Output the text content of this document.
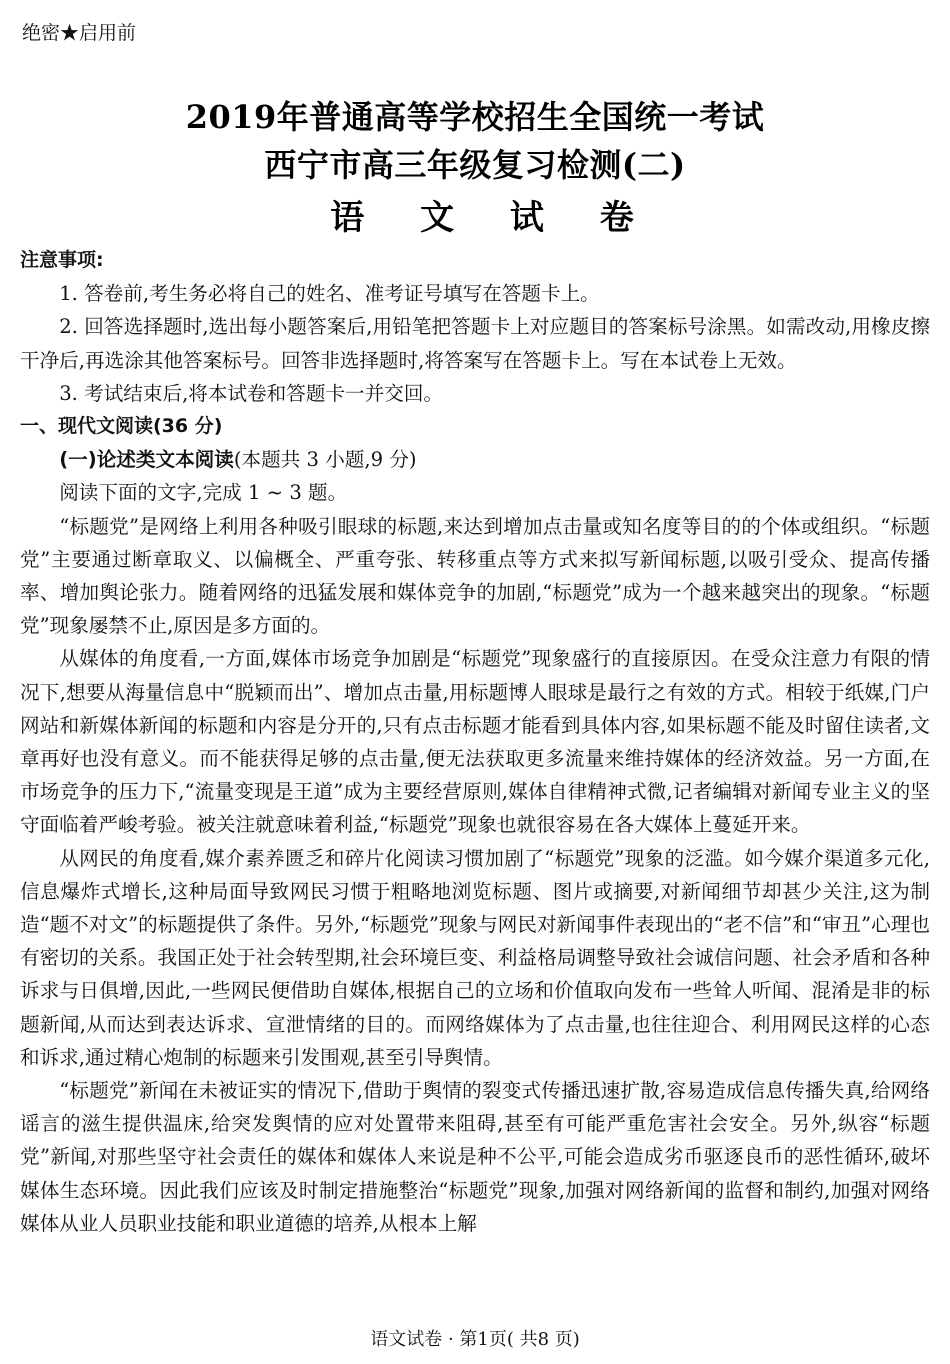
绝密★启用前
2019年普通高等学校招生全国统一考试
西宁市高三年级复习检测(二)
语 文 试 卷

注意事项:

1. 答卷前,考生务必将自己的姓名、准考证号填写在答题卡上。

2. 回答选择题时,选出每小题答案后,用铅笔把答题卡上对应题目的答案标号涂黑。如需改动,用橡皮擦干净后,再选涂其他答案标号。回答非选择题时,将答案写在答题卡上。写在本试卷上无效。

3. 考试结束后,将本试卷和答题卡一并交回。

一、现代文阅读(36 分)

(一)论述类文本阅读(本题共 3 小题,9 分)

阅读下面的文字,完成 1 ~ 3 题。

“标题党”是网络上利用各种吸引眼球的标题,来达到增加点击量或知名度等目的的个体或组织。“标题党”主要通过断章取义、以偏概全、严重夸张、转移重点等方式来拟写新闻标题,以吸引受众、提高传播率、增加舆论张力。随着网络的迅猛发展和媒体竞争的加剧,“标题党”成为一个越来越突出的现象。“标题党”现象屡禁不止,原因是多方面的。

从媒体的角度看,一方面,媒体市场竞争加剧是“标题党”现象盛行的直接原因。在受众注意力有限的情况下,想要从海量信息中“脱颖而出”、增加点击量,用标题博人眼球是最行之有效的方式。相较于纸媒,门户网站和新媒体新闻的标题和内容是分开的,只有点击标题才能看到具体内容,如果标题不能及时留住读者,文章再好也没有意义。而不能获得足够的点击量,便无法获取更多流量来维持媒体的经济效益。另一方面,在市场竞争的压力下,“流量变现是王道”成为主要经营原则,媒体自律精神式微,记者编辑对新闻专业主义的坚守面临着严峻考验。被关注就意味着利益,“标题党”现象也就很容易在各大媒体上蔓延开来。

从网民的角度看,媒介素养匮乏和碎片化阅读习惯加剧了“标题党”现象的泛滥。如今媒介渠道多元化,信息爆炸式增长,这种局面导致网民习惯于粗略地浏览标题、图片或摘要,对新闻细节却甚少关注,这为制造“题不对文”的标题提供了条件。另外,“标题党”现象与网民对新闻事件表现出的“老不信”和“审丑”心理也有密切的关系。我国正处于社会转型期,社会环境巨变、利益格局调整导致社会诚信问题、社会矛盾和各种诉求与日俱增,因此,一些网民便借助自媒体,根据自己的立场和价值取向发布一些耸人听闻、混淆是非的标题新闻,从而达到表达诉求、宣泄情绪的目的。而网络媒体为了点击量,也往往迎合、利用网民这样的心态和诉求,通过精心炮制的标题来引发围观,甚至引导舆情。

“标题党”新闻在未被证实的情况下,借助于舆情的裂变式传播迅速扩散,容易造成信息传播失真,给网络谣言的滋生提供温床,给突发舆情的应对处置带来阻碍,甚至有可能严重危害社会安全。另外,纵容“标题党”新闻,对那些坚守社会责任的媒体和媒体人来说是种不公平,可能会造成劣币驱逐良币的恶性循环,破坏媒体生态环境。因此我们应该及时制定措施整治“标题党”现象,加强对网络新闻的监督和制约,加强对网络媒体从业人员职业技能和职业道德的培养,从根本上解

语文试卷 · 第1页( 共8 页)
